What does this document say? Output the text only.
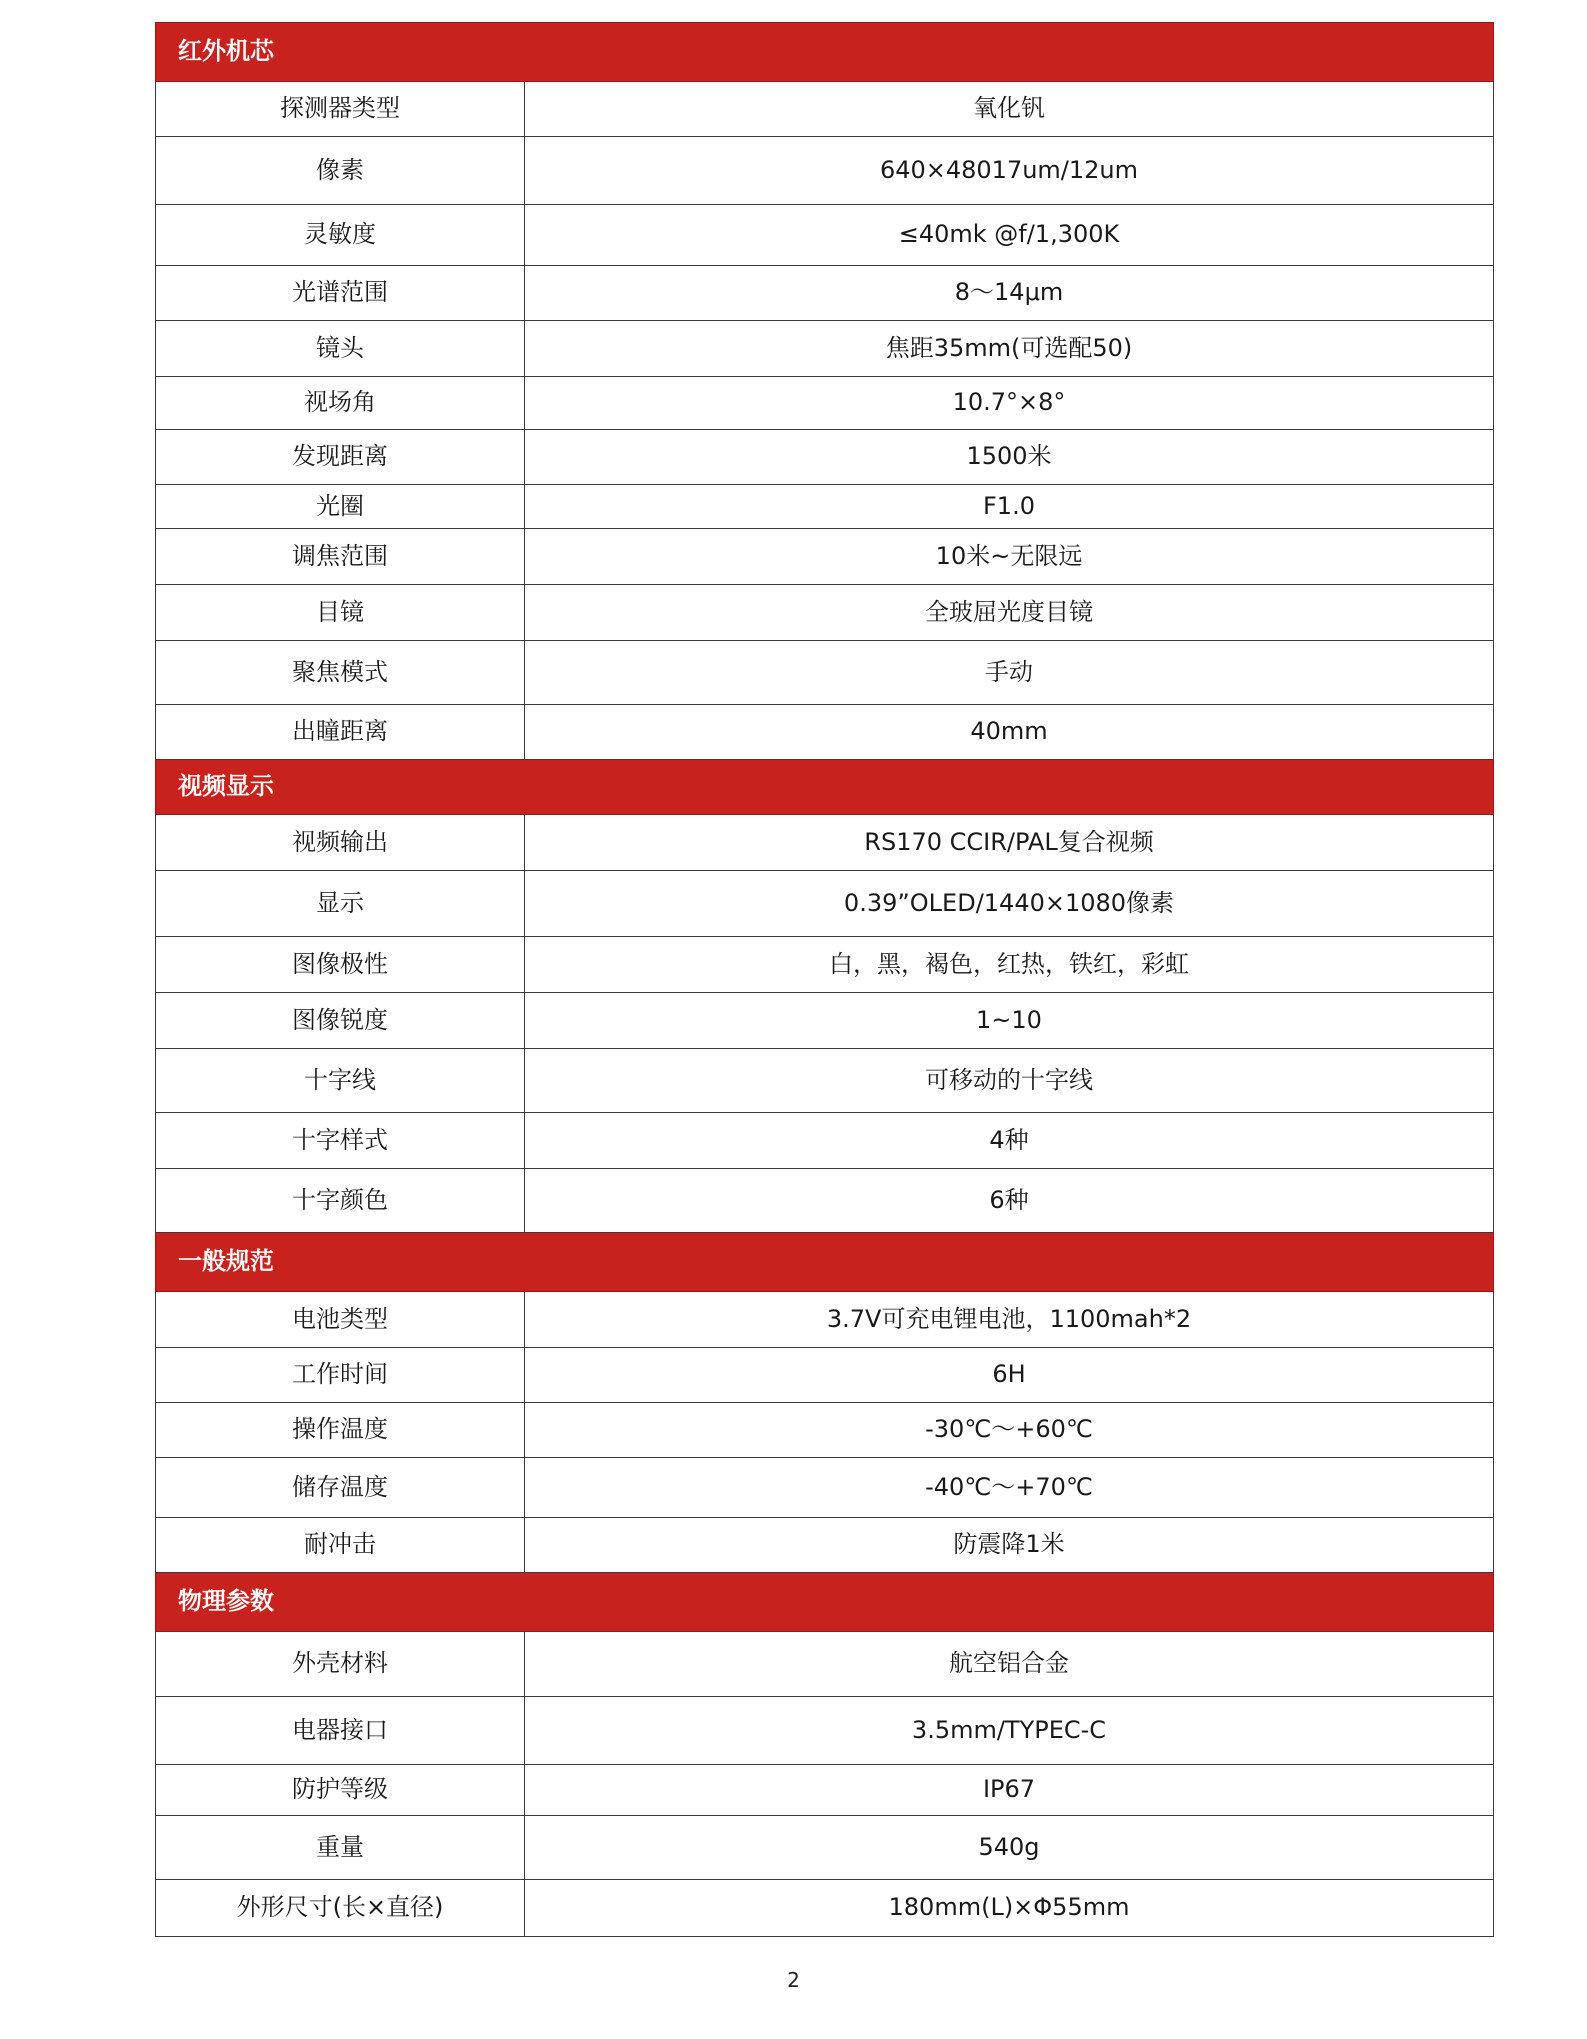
红外机芯	
探测器类型	氧化钒
像素	640×48017um/12um
灵敏度	≤40mk @f/1,300K
光谱范围	8～14μm
镜头	焦距35mm(可选配50)
视场角	10.7°×8°
发现距离	1500米
光圈	F1.0
调焦范围	10米~无限远
目镜	全玻屈光度目镜
聚焦模式	手动
出瞳距离	40mm
视频显示	
视频输出	RS170 CCIR/PAL复合视频
显示	0.39”OLED/1440×1080像素
图像极性	白，黑，褐色，红热，铁红，彩虹
图像锐度	1~10
十字线	可移动的十字线
十字样式	4种
十字颜色	6种
一般规范	
电池类型	3.7V可充电锂电池，1100mah*2
工作时间	6H
操作温度	-30℃～+60℃
储存温度	-40℃～+70℃
耐冲击	防震降1米
物理参数	
外壳材料	航空铝合金
电器接口	3.5mm/TYPEC-C
防护等级	IP67
重量	540g
外形尺寸(长×直径)	180mm(L)×Φ55mm
2
